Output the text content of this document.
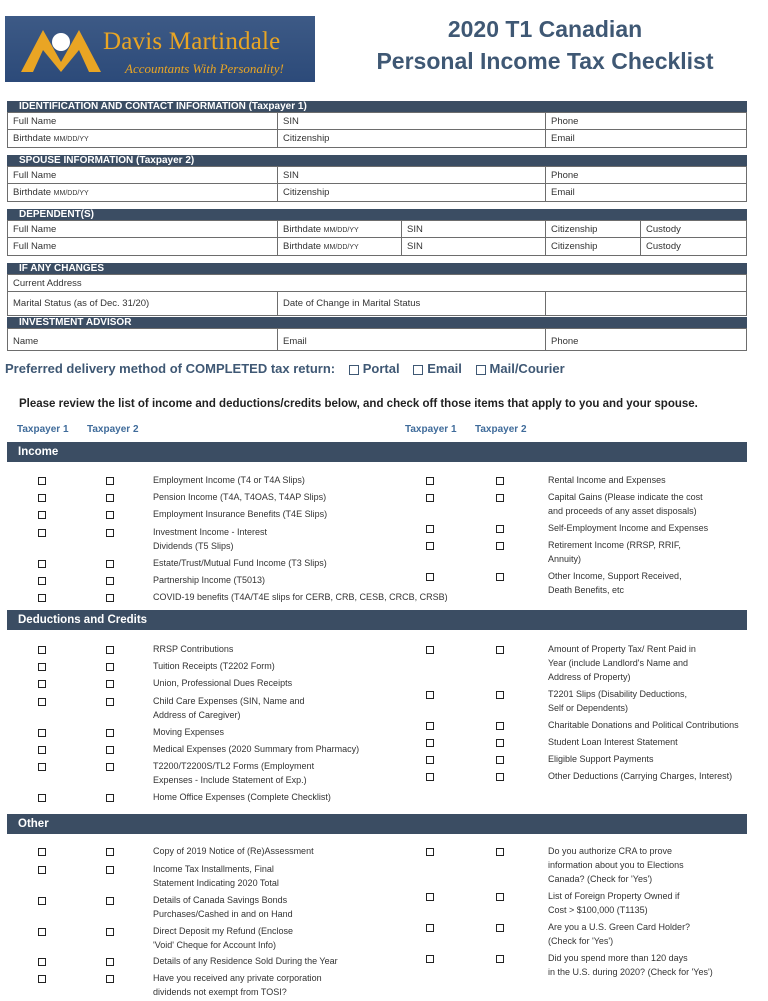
Davis Martindale
Accountants With Personality!
2020 T1 Canadian
Personal Income Tax Checklist
IDENTIFICATION AND CONTACT INFORMATION (Taxpayer 1)
Full Name	SIN	Phone
Birthdate MM/DD/YY	Citizenship	Email
SPOUSE INFORMATION (Taxpayer 2)
Full Name	SIN	Phone
Birthdate MM/DD/YY	Citizenship	Email
DEPENDENT(S)
Full Name	Birthdate MM/DD/YY	SIN	Citizenship	Custody
Full Name	Birthdate MM/DD/YY	SIN	Citizenship	Custody
IF ANY CHANGES
Current Address
Marital Status (as of Dec. 31/20)	Date of Change in Marital Status
INVESTMENT ADVISOR
Name	Email	Phone
Preferred delivery method of COMPLETED tax return: Portal Email Mail/Courier
Please review the list of income and deductions/credits below, and check off those items that apply to you and your spouse.
Taxpayer 1 Taxpayer 2	Taxpayer 1 Taxpayer 2
Income
Employment Income (T4 or T4A Slips)
Pension Income (T4A, T4OAS, T4AP Slips)
Employment Insurance Benefits (T4E Slips)
Investment Income - Interest
Dividends (T5 Slips)
Estate/Trust/Mutual Fund Income (T3 Slips)
Partnership Income (T5013)
COVID-19 benefits (T4A/T4E slips for CERB, CRB, CESB, CRCB, CRSB)
Rental Income and Expenses
Capital Gains (Please indicate the cost
and proceeds of any asset disposals)
Self-Employment Income and Expenses
Retirement Income (RRSP, RRIF,
Annuity)
Other Income, Support Received,
Death Benefits, etc
Deductions and Credits
RRSP Contributions
Tuition Receipts (T2202 Form)
Union, Professional Dues Receipts
Child Care Expenses (SIN, Name and
Address of Caregiver)
Moving Expenses
Medical Expenses (2020 Summary from Pharmacy)
T2200/T2200S/TL2 Forms (Employment
Expenses - Include Statement of Exp.)
Home Office Expenses (Complete Checklist)
Amount of Property Tax/ Rent Paid in
Year (include Landlord's Name and
Address of Property)
T2201 Slips (Disability Deductions,
Self or Dependents)
Charitable Donations and Political Contributions
Student Loan Interest Statement
Eligible Support Payments
Other Deductions (Carrying Charges, Interest)
Other
Copy of 2019 Notice of (Re)Assessment
Income Tax Installments, Final
Statement Indicating 2020 Total
Details of Canada Savings Bonds
Purchases/Cashed in and on Hand
Direct Deposit my Refund (Enclose
'Void' Cheque for Account Info)
Details of any Residence Sold During the Year
Have you received any private corporation
dividends not exempt from TOSI?
Do you authorize CRA to prove
information about you to Elections
Canada? (Check for 'Yes')
List of Foreign Property Owned if
Cost > $100,000 (T1135)
Are you a U.S. Green Card Holder?
(Check for 'Yes')
Did you spend more than 120 days
in the U.S. during 2020? (Check for 'Yes')
